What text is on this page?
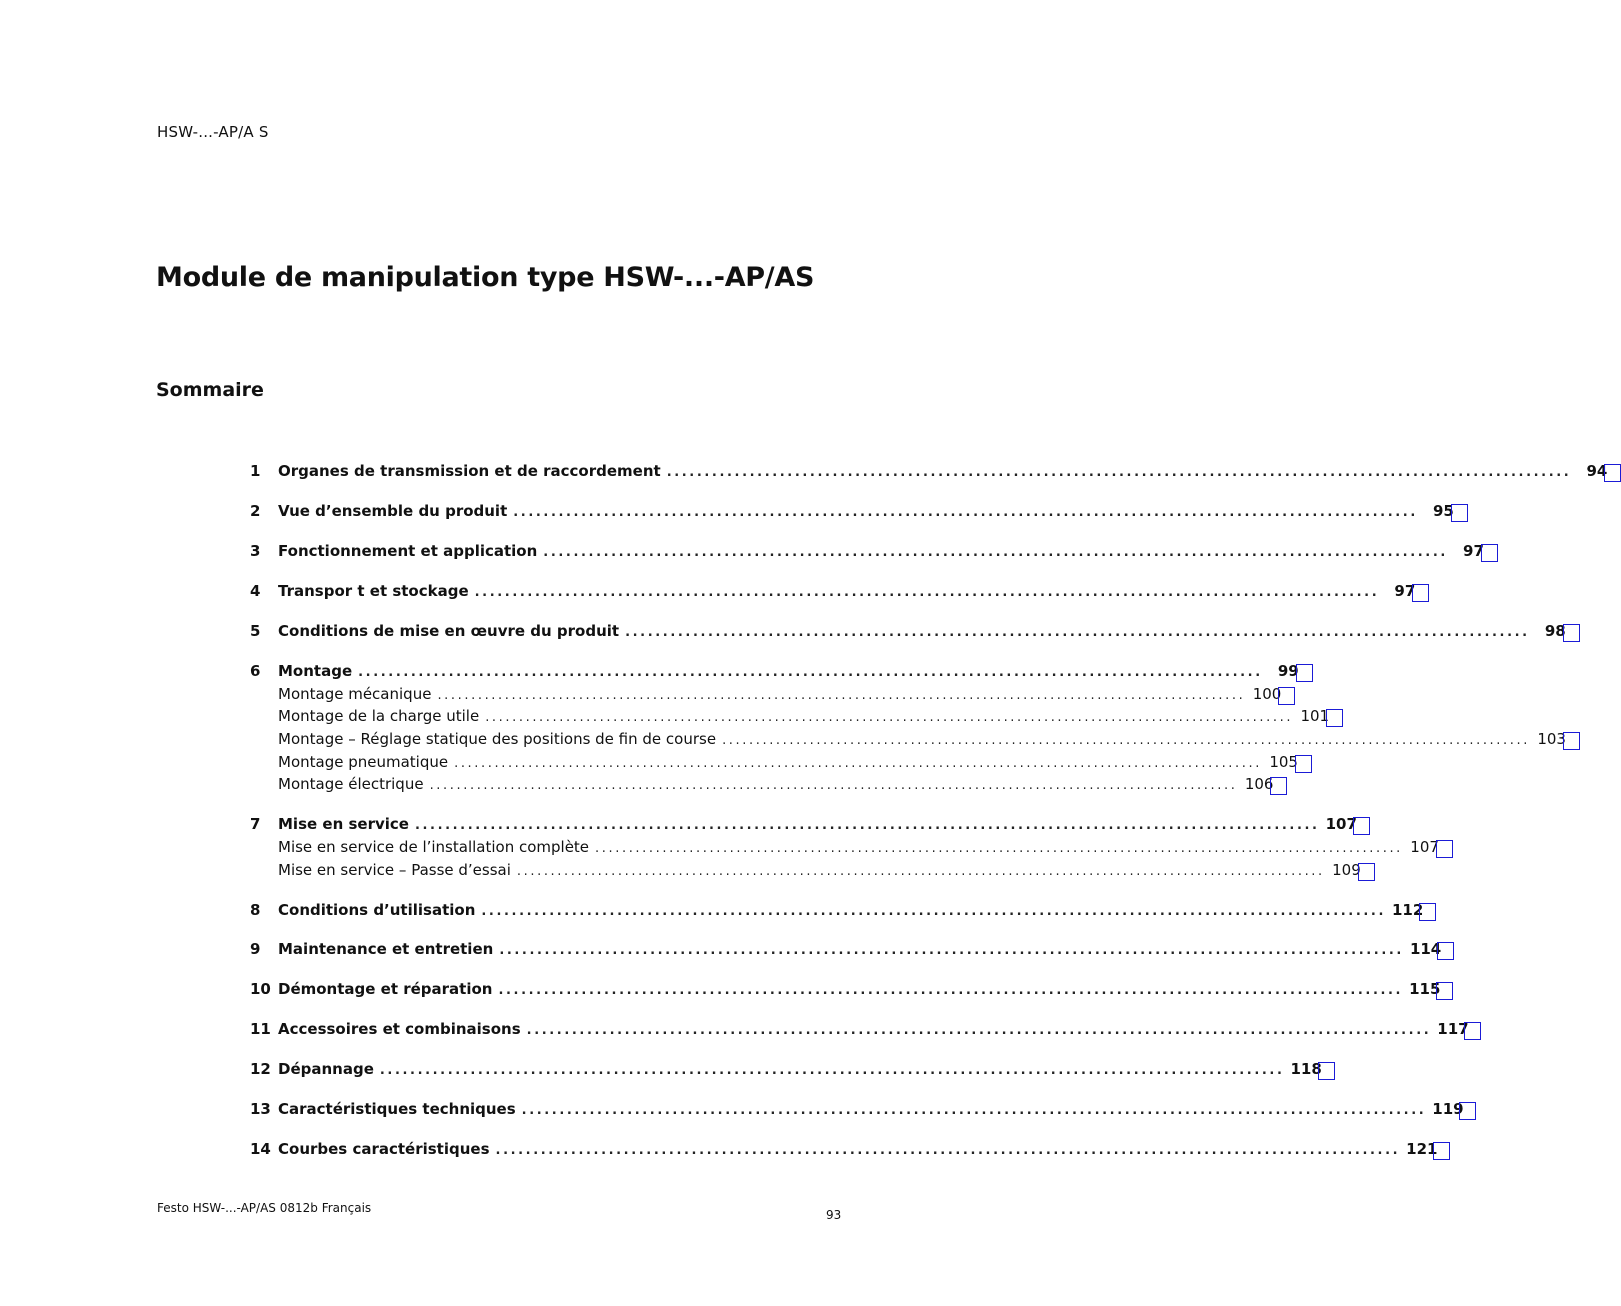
HSW-...-AP/A S
Module de manipulation type HSW-...-AP/AS
Sommaire
1	Organes de transmission et de raccordement ........................................................................................................................	94
2	Vue d’ensemble du produit ........................................................................................................................	95
3	Fonctionnement et application ........................................................................................................................	97
4	Transpor t et stockage ........................................................................................................................	97
5	Conditions de mise en œuvre du produit ........................................................................................................................	98
6	Montage ........................................................................................................................	99
Montage mécanique ........................................................................................................................ 100
Montage de la charge utile ........................................................................................................................ 101
Montage – Réglage statique des positions de fin de course ........................................................................................................................ 103
Montage pneumatique ........................................................................................................................ 105
Montage électrique ........................................................................................................................ 106
7	Mise en service ........................................................................................................................ 107
Mise en service de l’installation complète ........................................................................................................................ 107
Mise en service – Passe d’essai ........................................................................................................................ 109
8	Conditions d’utilisation ........................................................................................................................ 112
9	Maintenance et entretien ........................................................................................................................ 114
10 Démontage et réparation ........................................................................................................................ 115
11 Accessoires et combinaisons ........................................................................................................................ 117
12 Dépannage ........................................................................................................................ 118
13 Caractéristiques techniques ........................................................................................................................ 119
14 Courbes caractéristiques ........................................................................................................................ 121
Festo HSW-...-AP/AS 0812b Français	93
